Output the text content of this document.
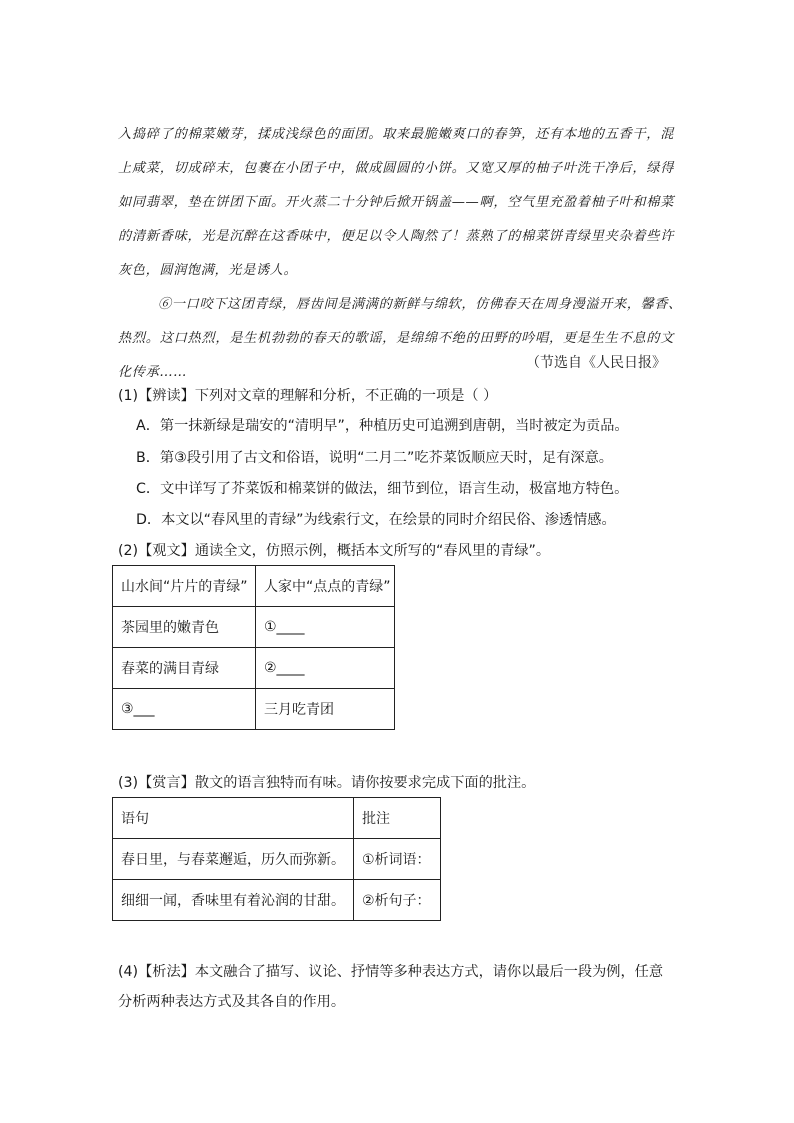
入捣碎了的棉菜嫩芽，揉成浅绿色的面团。取来最脆嫩爽口的春笋，还有本地的五香干，混
上咸菜，切成碎末，包裹在小团子中，做成圆圆的小饼。又宽又厚的柚子叶洗干净后，绿得
如同翡翠，垫在饼团下面。开火蒸二十分钟后掀开锅盖——啊，空气里充盈着柚子叶和棉菜
的清新香味，光是沉醉在这香味中，便足以令人陶然了！蒸熟了的棉菜饼青绿里夹杂着些许
灰色，圆润饱满，光是诱人。
⑥一口咬下这团青绿，唇齿间是满满的新鲜与绵软，仿佛春天在周身漫溢开来，馨香、
热烈。这口热烈，是生机勃勃的春天的歌谣，是绵绵不绝的田野的吟唱，更是生生不息的文
化传承……
（节选自《人民日报》
(1)【辨读】下列对文章的理解和分析，不正确的一项是（ ）
A．第一抹新绿是瑞安的“清明早”，种植历史可追溯到唐朝，当时被定为贡品。
B．第③段引用了古文和俗语，说明“二月二”吃芥菜饭顺应天时，足有深意。
C．文中详写了芥菜饭和棉菜饼的做法，细节到位，语言生动，极富地方特色。
D．本文以“春风里的青绿”为线索行文，在绘景的同时介绍民俗、渗透情感。
(2)【观文】通读全文，仿照示例，概括本文所写的“春风里的青绿”。
山水间“片片的青绿”	人家中“点点的青绿”
茶园里的嫩青色	①____
春菜的满目青绿	②____
③___	三月吃青团
(3)【赏言】散文的语言独特而有味。请你按要求完成下面的批注。
语句	批注
春日里，与春菜邂逅，历久而弥新。	①析词语：
细细一闻，香味里有着沁润的甘甜。	②析句子：
(4)【析法】本文融合了描写、议论、抒情等多种表达方式，请你以最后一段为例，任意分析两种表达方式及其各自的作用。
